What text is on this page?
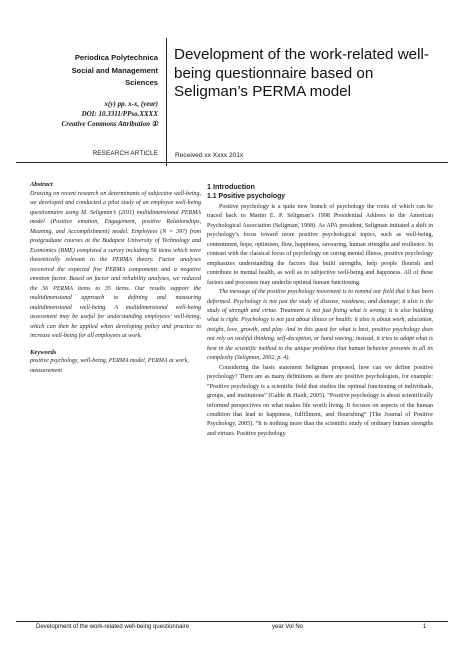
Periodica Polytechnica
Social and Management
Sciences
x(y) pp. x-x, (year)
DOI: 10.3311/PPso.XXXX
Creative Commons Attribution ①
RESEARCH ARTICLE
Development of the work-related well-being questionnaire based on Seligman’s PERMA model
Received xx Xxxx 201x
Abstract
Drawing on recent research on determinants of subjective well-being, we developed and conducted a pilot study of an employee well-being questionnaire using M. Seligman’s (2011) multidimensional PERMA model (Positive emotion, Engagement, positive Relationships, Meaning, and Accomplishment) model. Employees (N = 397) from postgraduate courses at the Budapest University of Technology and Economics (BME) completed a survey including 56 items which were theoretically relevant to the PERMA theory. Factor analyses recovered the expected five PERMA components and a negative emotion factor. Based on factor and reliability analyses, we reduced the 56 PERMA items to 35 items. Our results support the multidimensional approach to defining and measuring multidimensional well-being. A multidimensional well-being assessment may be useful for understanding employees’ well-being, which can then be applied when developing policy and practice to increase well-being for all employees at work.
Keywords
positive psychology, well-being, PERMA model, PERMA at work, measurement
1 Introduction
1.1 Positive psychology

Positive psychology is a quite new branch of psychology the roots of which can be traced back to Martin E. P. Seligman’s 1998 Presidential Address to the American Psychological Association (Seligman, 1998). As APA president, Seligman initiated a shift in psychology’s focus toward more positive psychological topics, such as well-being, contentment, hope, optimism, flow, happiness, savouring, human strengths and resilience. In contrast with the classical focus of psychology on curing mental illness, positive psychology emphasizes understanding the factors that build strengths, help people flourish and contribute to mental health, as well as to subjective well-being and happiness. All of these factors and processes may underlie optimal human functioning.

The message of the positive psychology movement is to remind our field that it has been deformed. Psychology is not just the study of disease, weakness, and damage; it also is the study of strength and virtue. Treatment is not just fixing what is wrong; it is also building what is right. Psychology is not just about illness or health; it also is about work, education, insight, love, growth, and play. And in this quest for what is best, positive psychology does not rely on wishful thinking, self-deception, or hand waving; instead, it tries to adapt what is best in the scientific method to the unique problems that human behavior presents in all its complexity (Seligman, 2002, p. 4).

Considering the basic statement Seligman proposed, how can we define positive psychology? There are as many definitions as there are positive psychologists, for example: “Positive psychology is a scientific field that studies the optimal functioning of individuals, groups, and institutions” (Gable & Haidt, 2005). “Positive psychology is about scientifically informed perspectives on what makes life worth living. It focuses on aspects of the human condition that lead to happiness, fulfillment, and flourishing” (The Journal of Positive Psychology, 2005). “It is nothing more than the scientific study of ordinary human strengths and virtues. Positive psychology

Development of the work-related well-being questionnaire	year Vol No	1
